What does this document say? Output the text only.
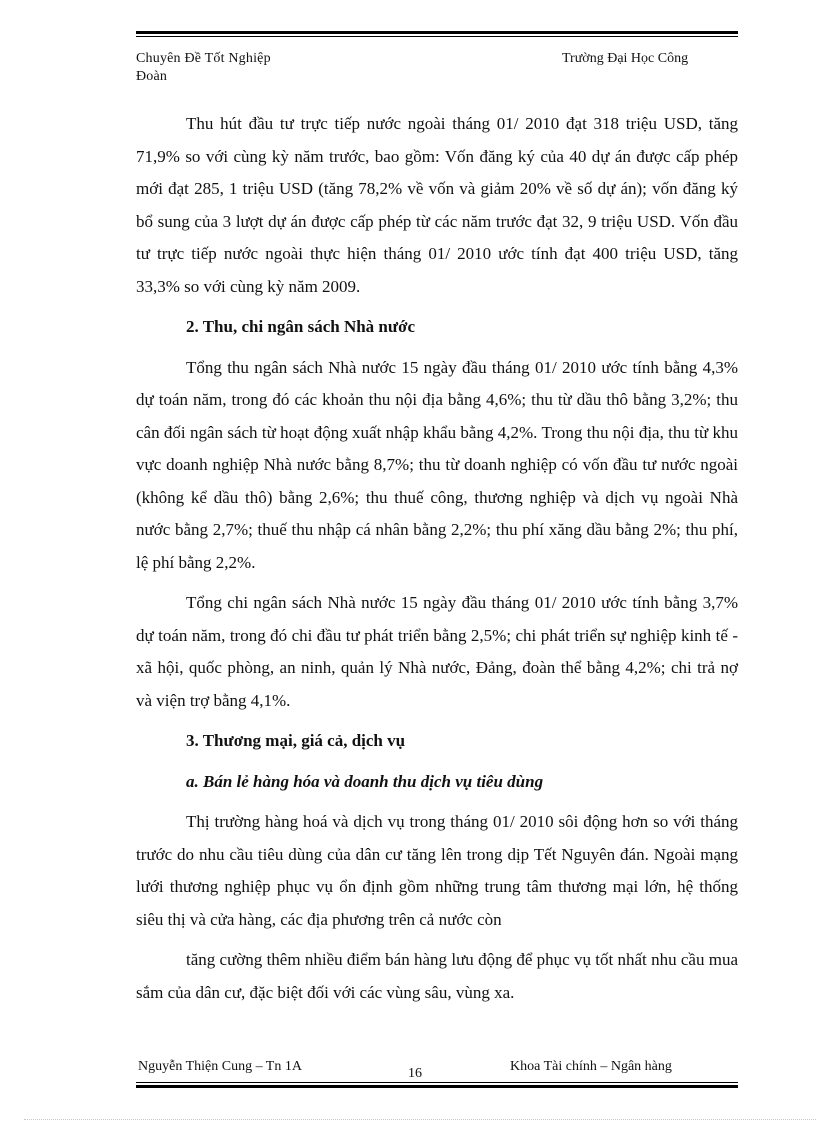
Chuyên Đề Tốt Nghiệp
Đoàn
Trường Đại Học Công

Thu hút đầu tư trực tiếp nước ngoài tháng 01/ 2010 đạt 318 triệu USD, tăng 71,9% so với cùng kỳ năm trước, bao gồm: Vốn đăng ký của 40 dự án được cấp phép mới đạt 285, 1 triệu USD (tăng 78,2% về vốn và giảm 20% về số dự án); vốn đăng ký bổ sung của 3 lượt dự án được cấp phép từ các năm trước đạt 32, 9 triệu USD. Vốn đầu tư trực tiếp nước ngoài thực hiện tháng 01/ 2010 ước tính đạt 400 triệu USD, tăng 33,3% so với cùng kỳ năm 2009.

2. Thu, chi ngân sách Nhà nước

Tổng thu ngân sách Nhà nước 15 ngày đầu tháng 01/ 2010 ước tính bằng 4,3% dự toán năm, trong đó các khoản thu nội địa bằng 4,6%; thu từ dầu thô bằng 3,2%; thu cân đối ngân sách từ hoạt động xuất nhập khẩu bằng 4,2%. Trong thu nội địa, thu từ khu vực doanh nghiệp Nhà nước bằng 8,7%; thu từ doanh nghiệp có vốn đầu tư nước ngoài (không kể dầu thô) bằng 2,6%; thu thuế công, thương nghiệp và dịch vụ ngoài Nhà nước bằng 2,7%; thuế thu nhập cá nhân bằng 2,2%; thu phí xăng dầu bằng 2%; thu phí, lệ phí bằng 2,2%.

Tổng chi ngân sách Nhà nước 15 ngày đầu tháng 01/ 2010 ước tính bằng 3,7% dự toán năm, trong đó chi đầu tư phát triển bằng 2,5%; chi phát triển sự nghiệp kinh tế - xã hội, quốc phòng, an ninh, quản lý Nhà nước, Đảng, đoàn thể bằng 4,2%; chi trả nợ và viện trợ bằng 4,1%.

3. Thương mại, giá cả, dịch vụ

a. Bán lẻ hàng hóa và doanh thu dịch vụ tiêu dùng

Thị trường hàng hoá và dịch vụ trong tháng 01/ 2010 sôi động hơn so với tháng trước do nhu cầu tiêu dùng của dân cư tăng lên trong dịp Tết Nguyên đán. Ngoài mạng lưới thương nghiệp phục vụ ổn định gồm những trung tâm thương mại lớn, hệ thống siêu thị và cửa hàng, các địa phương trên cả nước còn

tăng cường thêm nhiều điểm bán hàng lưu động để phục vụ tốt nhất nhu cầu mua sắm của dân cư, đặc biệt đối với các vùng sâu, vùng xa.

Nguyễn Thiện Cung – Tn 1A	16	Khoa Tài chính – Ngân hàng
